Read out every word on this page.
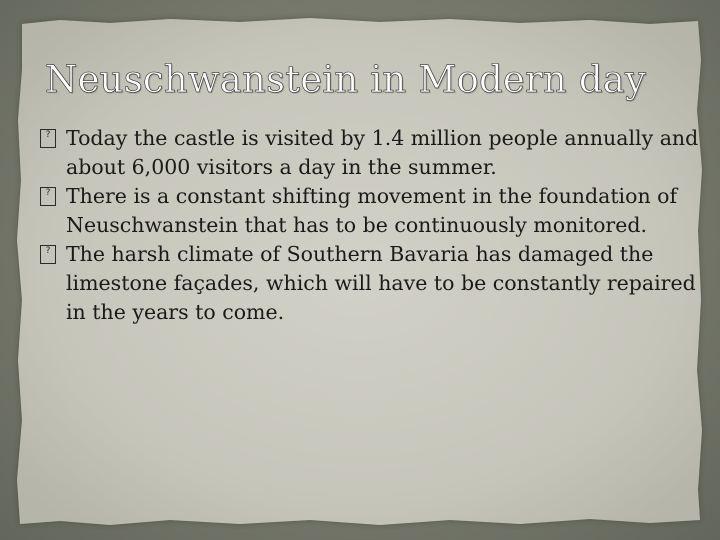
Neuschwanstein in Modern day
? Today the castle is visited by 1.4 million people annually and about 6,000 visitors a day in the summer.
? There is a constant shifting movement in the foundation of Neuschwanstein that has to be continuously monitored.
? The harsh climate of Southern Bavaria has damaged the limestone façades, which will have to be constantly repaired in the years to come.
